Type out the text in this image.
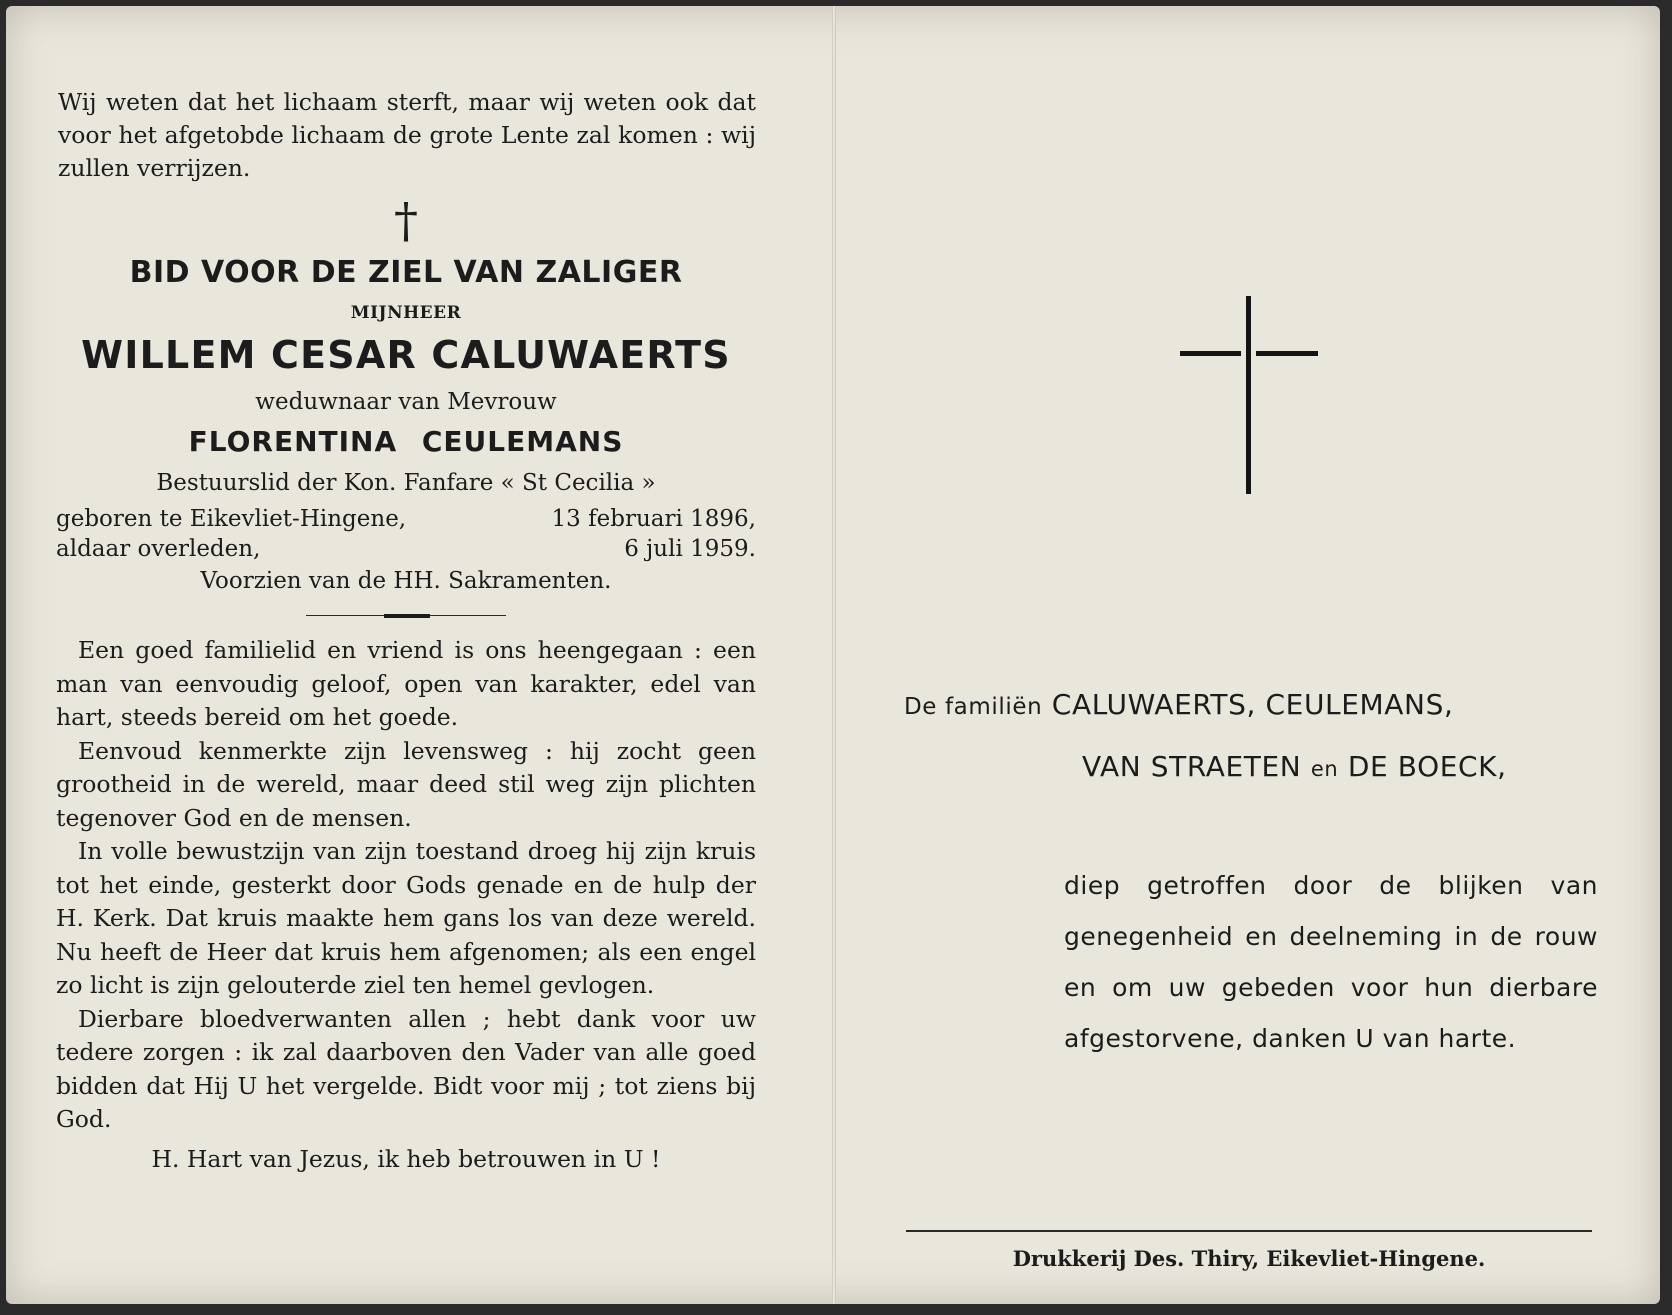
Wij weten dat het lichaam sterft, maar wij weten ook dat voor het afgetobde lichaam de grote Lente zal komen : wij zullen verrijzen.

†
BID VOOR DE ZIEL VAN ZALIGER
MIJNHEER
WILLEM CESAR CALUWAERTS
weduwnaar van Mevrouw
FLORENTINA CEULEMANS
Bestuurslid der Kon. Fanfare « St Cecilia »
geboren te Eikevliet-Hingene,	13 februari 1896,
aldaar overleden,	6 juli 1959.
Voorzien van de HH. Sakramenten.

Een goed familielid en vriend is ons heengegaan : een man van eenvoudig geloof, open van karakter, edel van hart, steeds bereid om het goede.

Eenvoud kenmerkte zijn levensweg : hij zocht geen grootheid in de wereld, maar deed stil weg zijn plichten tegenover God en de mensen.

In volle bewustzijn van zijn toestand droeg hij zijn kruis tot het einde, gesterkt door Gods genade en de hulp der H. Kerk. Dat kruis maakte hem gans los van deze wereld. Nu heeft de Heer dat kruis hem afgenomen; als een engel zo licht is zijn gelouterde ziel ten hemel gevlogen.

Dierbare bloedverwanten allen ; hebt dank voor uw tedere zorgen : ik zal daarboven den Vader van alle goed bidden dat Hij U het vergelde. Bidt voor mij ; tot ziens bij God.

H. Hart van Jezus, ik heb betrouwen in U !
De familiën CALUWAERTS, CEULEMANS,
VAN STRAETEN en DE BOECK,
diep getroffen door de blijken van genegenheid en deelneming in de rouw en om uw gebeden voor hun dierbare afgestorvene, danken U van harte.
Drukkerij Des. Thiry, Eikevliet-Hingene.
